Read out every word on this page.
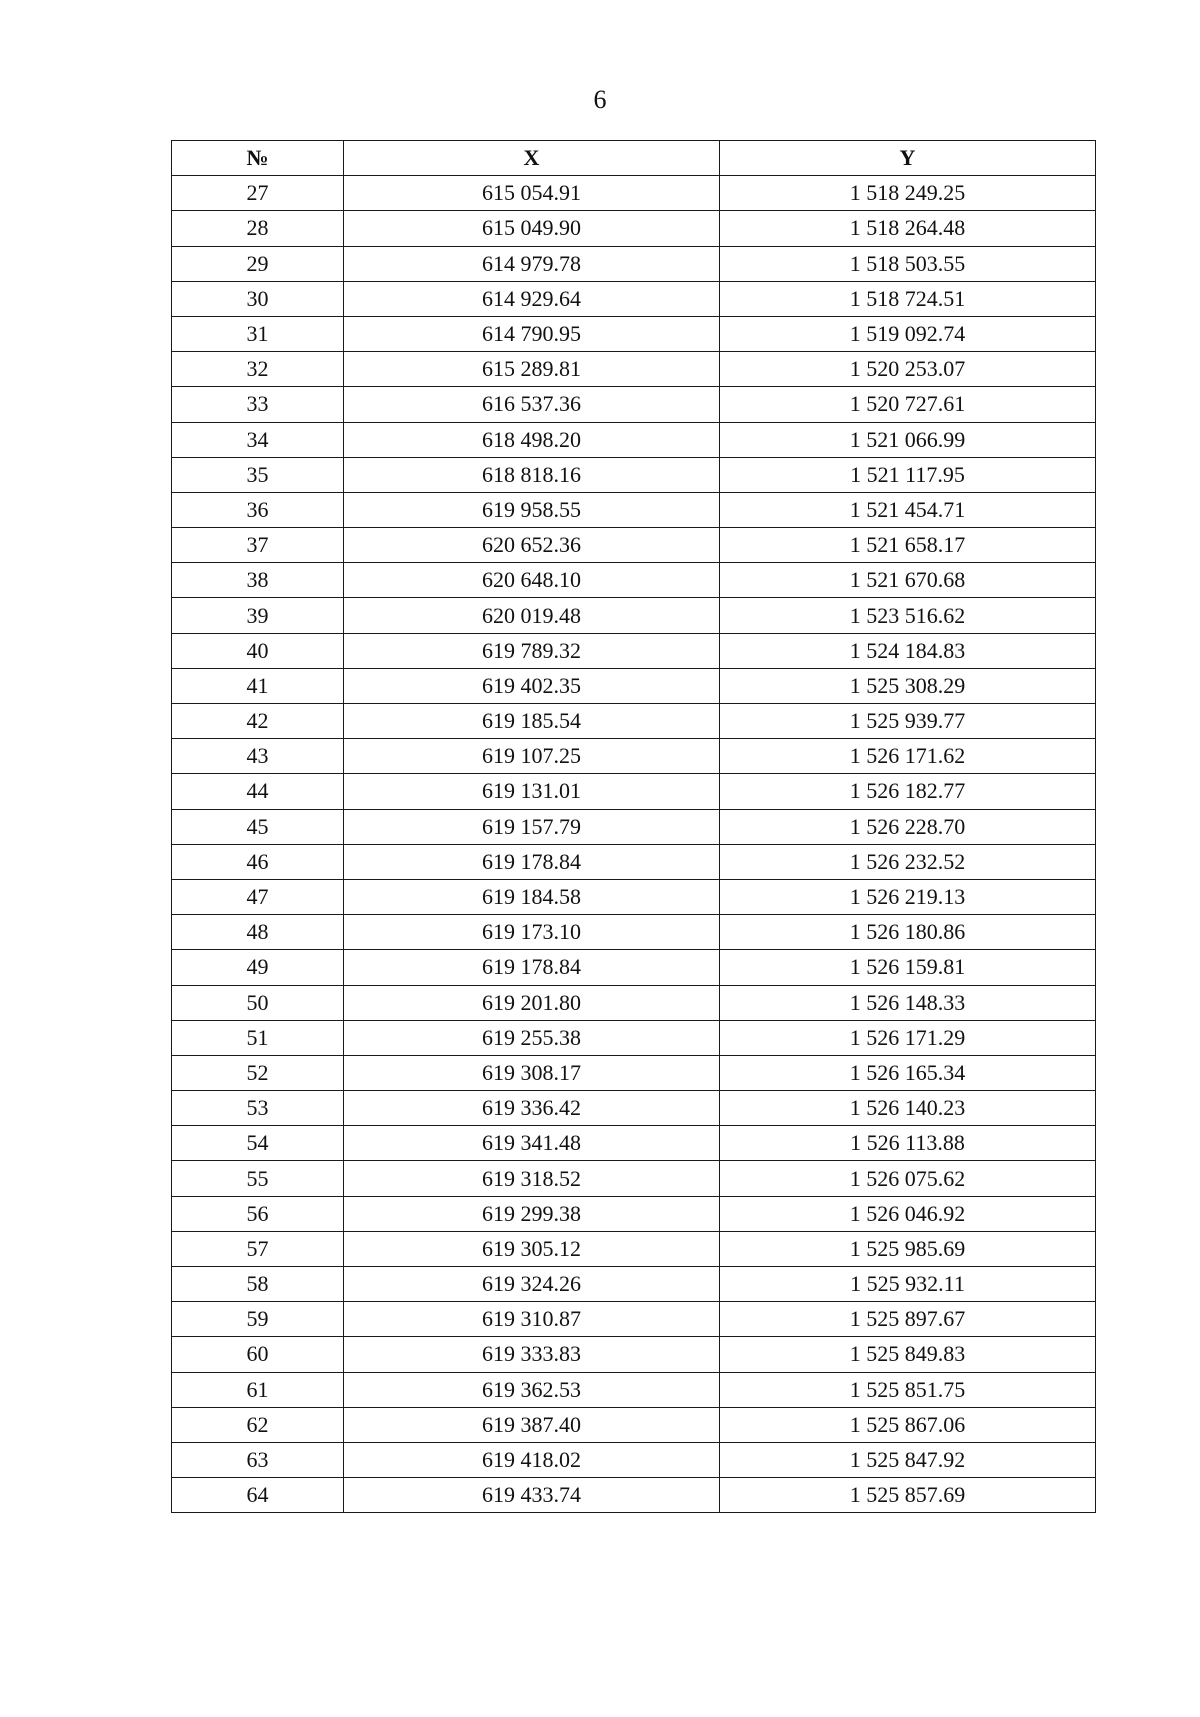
6
№	X	Y
27	615 054.91	1 518 249.25
28	615 049.90	1 518 264.48
29	614 979.78	1 518 503.55
30	614 929.64	1 518 724.51
31	614 790.95	1 519 092.74
32	615 289.81	1 520 253.07
33	616 537.36	1 520 727.61
34	618 498.20	1 521 066.99
35	618 818.16	1 521 117.95
36	619 958.55	1 521 454.71
37	620 652.36	1 521 658.17
38	620 648.10	1 521 670.68
39	620 019.48	1 523 516.62
40	619 789.32	1 524 184.83
41	619 402.35	1 525 308.29
42	619 185.54	1 525 939.77
43	619 107.25	1 526 171.62
44	619 131.01	1 526 182.77
45	619 157.79	1 526 228.70
46	619 178.84	1 526 232.52
47	619 184.58	1 526 219.13
48	619 173.10	1 526 180.86
49	619 178.84	1 526 159.81
50	619 201.80	1 526 148.33
51	619 255.38	1 526 171.29
52	619 308.17	1 526 165.34
53	619 336.42	1 526 140.23
54	619 341.48	1 526 113.88
55	619 318.52	1 526 075.62
56	619 299.38	1 526 046.92
57	619 305.12	1 525 985.69
58	619 324.26	1 525 932.11
59	619 310.87	1 525 897.67
60	619 333.83	1 525 849.83
61	619 362.53	1 525 851.75
62	619 387.40	1 525 867.06
63	619 418.02	1 525 847.92
64	619 433.74	1 525 857.69
